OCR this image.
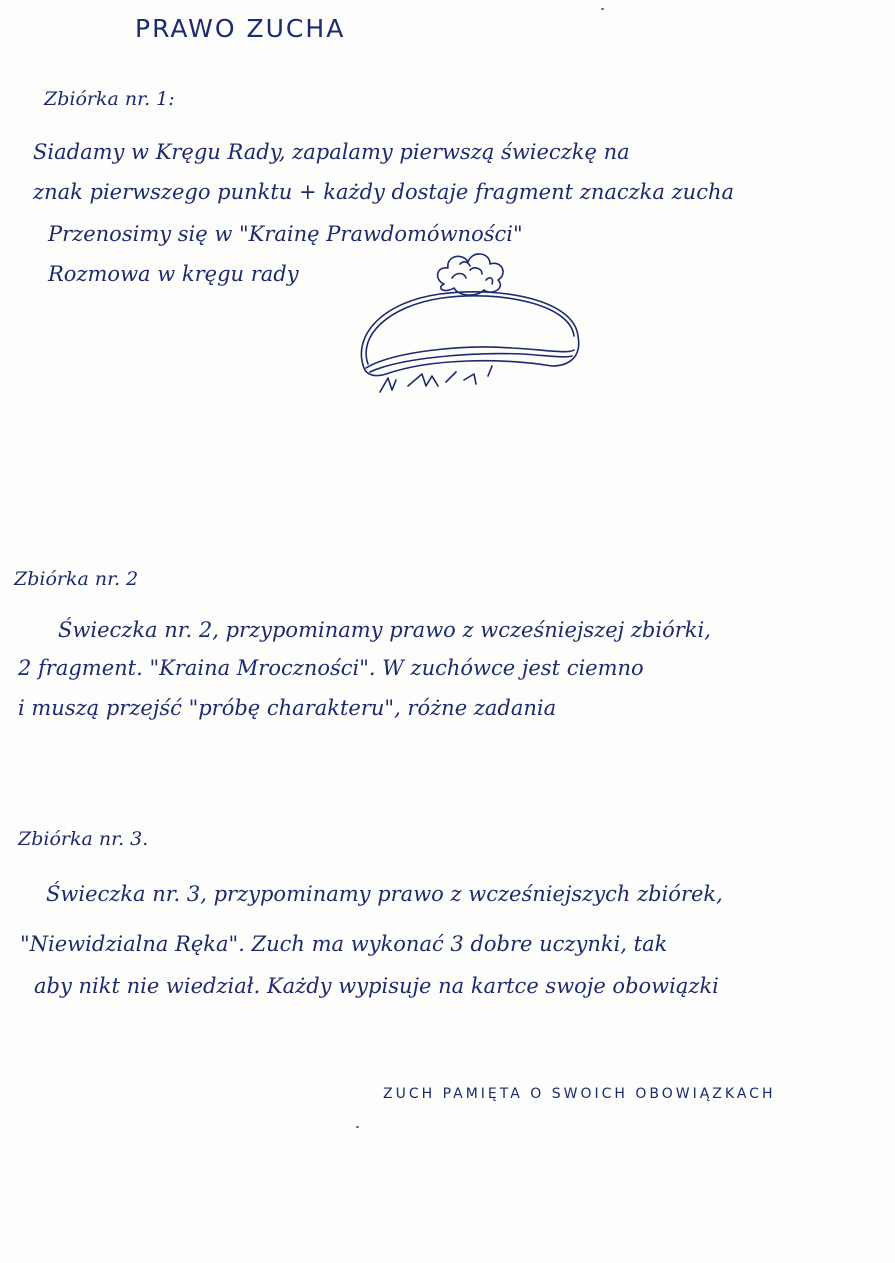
PRAWO ZUCHA
Zbiórka nr. 1:
Siadamy w Kręgu Rady, zapalamy pierwszą świeczkę na
znak pierwszego punktu + każdy dostaje fragment znaczka zucha
Przenosimy się w "Krainę Prawdomówności"
Rozmowa w kręgu rady
Zbiórka nr. 2
Świeczka nr. 2, przypominamy prawo z wcześniejszej zbiórki,
2 fragment. "Kraina Mroczności". W zuchówce jest ciemno
i muszą przejść "próbę charakteru", różne zadania
Zbiórka nr. 3.
Świeczka nr. 3, przypominamy prawo z wcześniejszych zbiórek,
"Niewidzialna Ręka". Zuch ma wykonać 3 dobre uczynki, tak
aby nikt nie wiedział. Każdy wypisuje na kartce swoje obowiązki
ZUCH PAMIĘTA O SWOICH OBOWIĄZKACH
